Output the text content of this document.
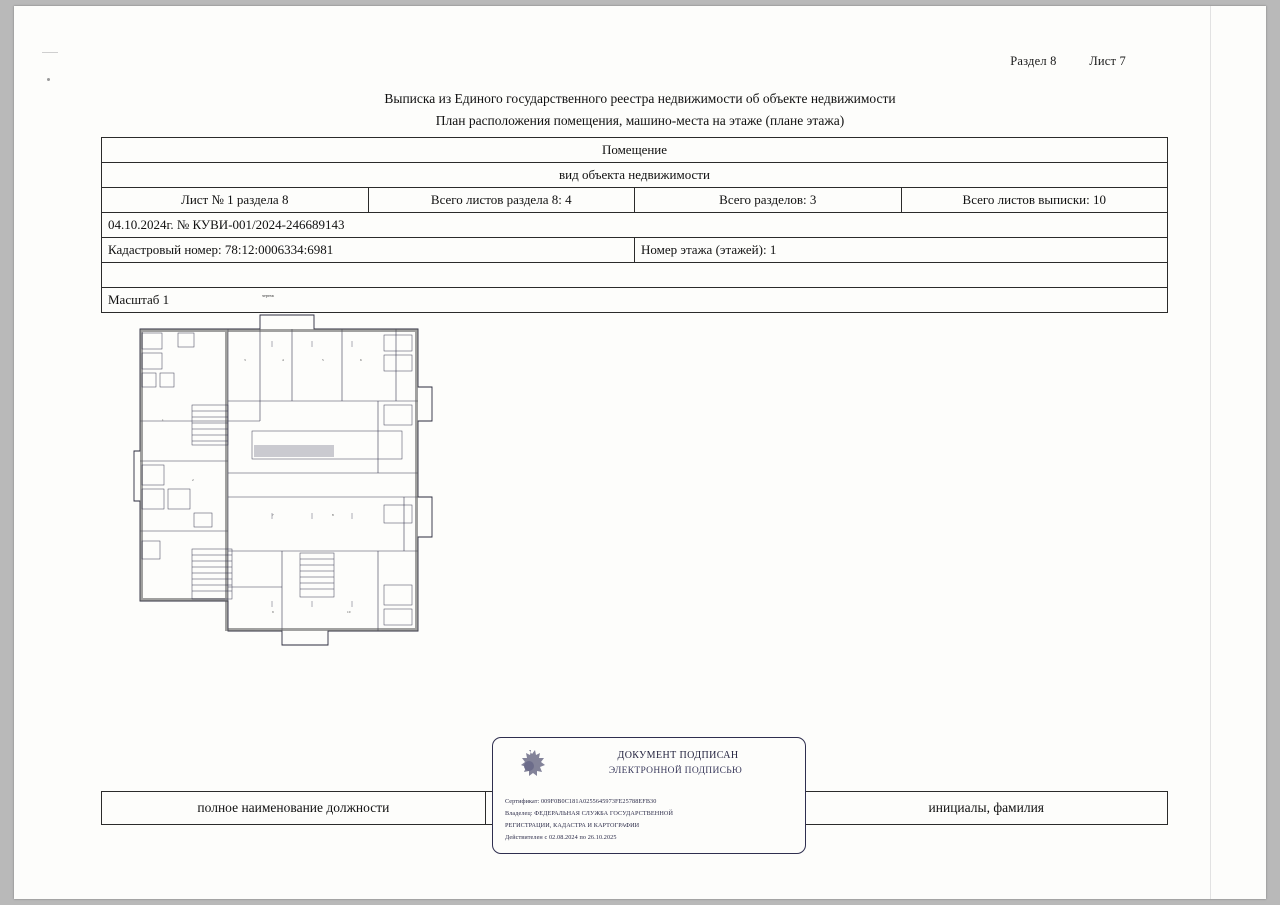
Раздел 8	Лист 7
Выписка из Единого государственного реестра недвижимости об объекте недвижимости
План расположения помещения, машино-места на этаже (плане этажа)
Помещение			
вид объекта недвижимости			
Лист № 1 раздела 8	Всего листов раздела 8: 4	Всего разделов: 3	Всего листов выписки: 10
04.10.2024г. № КУВИ-001/2024-246689143			
Кадастровый номер: 78:12:0006334:6981		Номер этажа (этажей): 1	

3	4	5	6
1
2
7	8
9	10
чертеж

Масштаб 1			
полное наименование должности		инициалы, фамилия
ДОКУМЕНТ ПОДПИСАН
ЭЛЕКТРОННОЙ ПОДПИСЬЮ
Сертификат: 009F0B0C181A0255645973FE25788EFB30
Владелец: ФЕДЕРАЛЬНАЯ СЛУЖБА ГОСУДАРСТВЕННОЙ
РЕГИСТРАЦИИ, КАДАСТРА И КАРТОГРАФИИ
Действителен с 02.08.2024 по 26.10.2025
